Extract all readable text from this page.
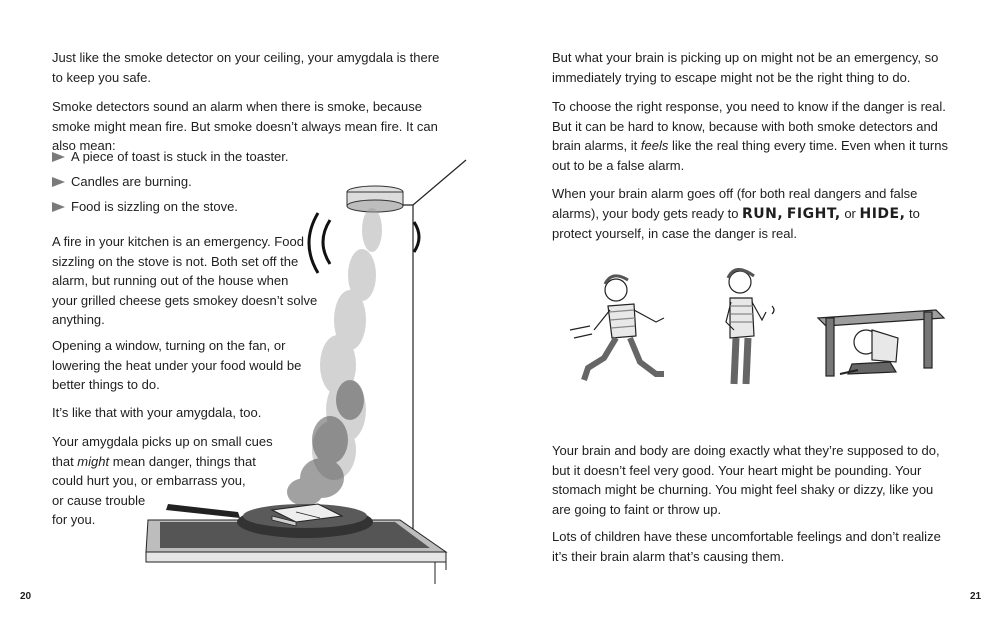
Just like the smoke detector on your ceiling, your amygdala is there to keep you safe.

Smoke detectors sound an alarm when there is smoke, because smoke might mean fire. But smoke doesn’t always mean fire. It can also mean:

A piece of toast is stuck in the toaster.
Candles are burning.
Food is sizzling on the stove.

A fire in your kitchen is an emergency. Food

sizzling on the stove is not. Both set off the

alarm, but running out of the house when

your grilled cheese gets smokey doesn’t solve

anything.

Opening a window, turning on the fan, or

lowering the heat under your food would be

better things to do.

It’s like that with your amygdala, too.

Your amygdala picks up on small cues

that might mean danger, things that

could hurt you, or embarrass you,

or cause trouble

for you.

20

But what your brain is picking up on might not be an emergency, so immediately trying to escape might not be the right thing to do.

To choose the right response, you need to know if the danger is real. But it can be hard to know, because with both smoke detectors and brain alarms, it feels like the real thing every time. Even when it turns out to be a false alarm.

When your brain alarm goes off (for both real dangers and false alarms), your body gets ready to RUN, FIGHT, or HIDE, to protect yourself, in case the danger is real.

Your brain and body are doing exactly what they’re supposed to do, but it doesn’t feel very good. Your heart might be pounding. Your stomach might be churning. You might feel shaky or dizzy, like you are going to faint or throw up.

Lots of children have these uncomfortable feelings and don’t realize it’s their brain alarm that’s causing them.

21
